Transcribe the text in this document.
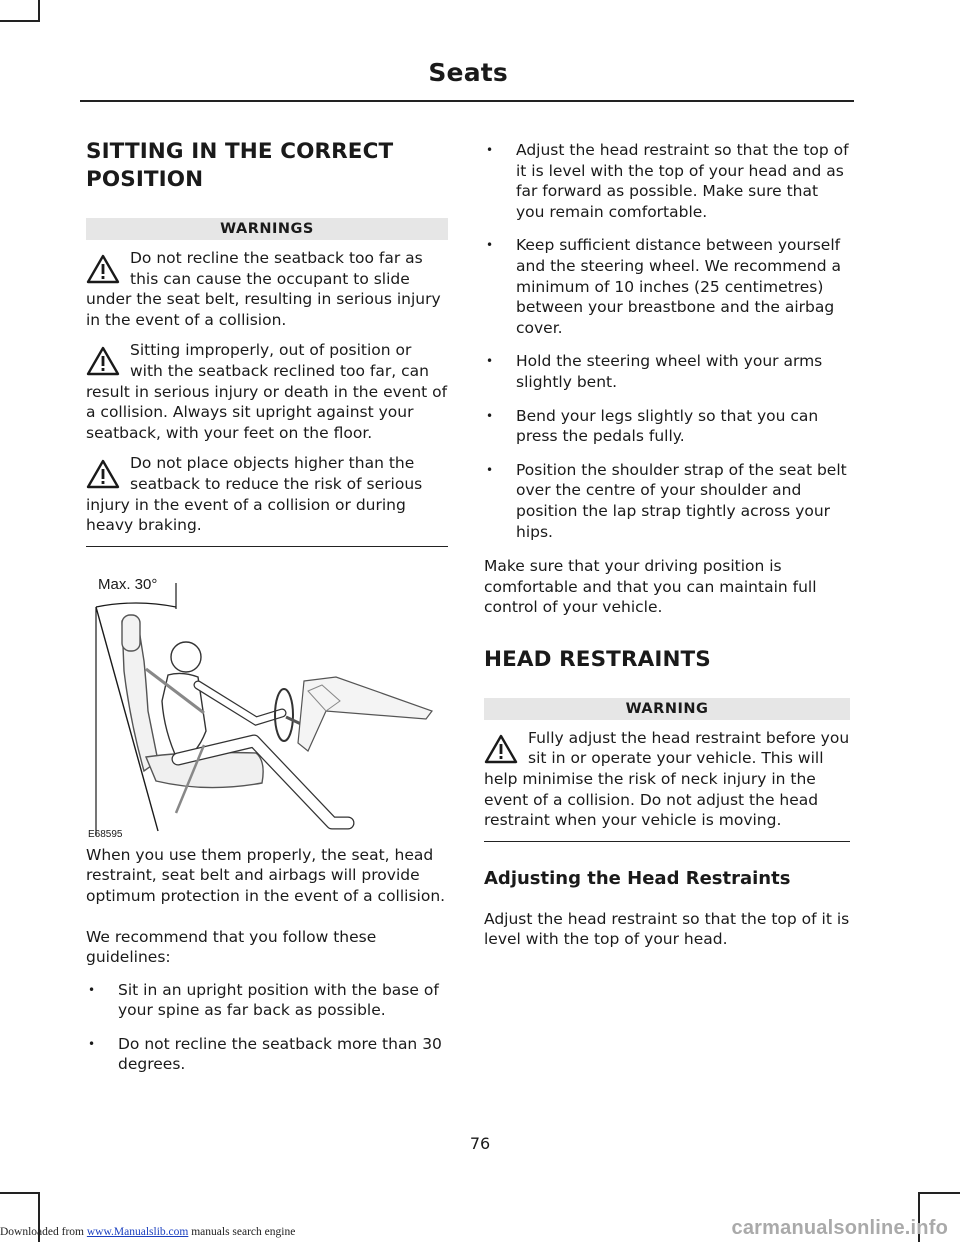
Seats
SITTING IN THE CORRECT POSITION
WARNINGS
Do not recline the seatback too far as this can cause the occupant to slide under the seat belt, resulting in serious injury in the event of a collision.
Sitting improperly, out of position or with the seatback reclined too far, can result in serious injury or death in the event of a collision. Always sit upright against your seatback, with your feet on the floor.
Do not place objects higher than the seatback to reduce the risk of serious injury in the event of a collision or during heavy braking.
Max. 30°
E68595

When you use them properly, the seat, head restraint, seat belt and airbags will provide optimum protection in the event of a collision.

We recommend that you follow these guidelines:

• Sit in an upright position with the base of your spine as far back as possible.
• Do not recline the seatback more than 30 degrees.
• Adjust the head restraint so that the top of it is level with the top of your head and as far forward as possible. Make sure that you remain comfortable.
• Keep sufficient distance between yourself and the steering wheel. We recommend a minimum of 10 inches (25 centimetres) between your breastbone and the airbag cover.
• Hold the steering wheel with your arms slightly bent.
• Bend your legs slightly so that you can press the pedals fully.
• Position the shoulder strap of the seat belt over the centre of your shoulder and position the lap strap tightly across your hips.

Make sure that your driving position is comfortable and that you can maintain full control of your vehicle.

HEAD RESTRAINTS
WARNING
Fully adjust the head restraint before you sit in or operate your vehicle. This will help minimise the risk of neck injury in the event of a collision. Do not adjust the head restraint when your vehicle is moving.
Adjusting the Head Restraints

Adjust the head restraint so that the top of it is level with the top of your head.

76
Downloaded from www.Manualslib.com manuals search engine	carmanualsonline.info
